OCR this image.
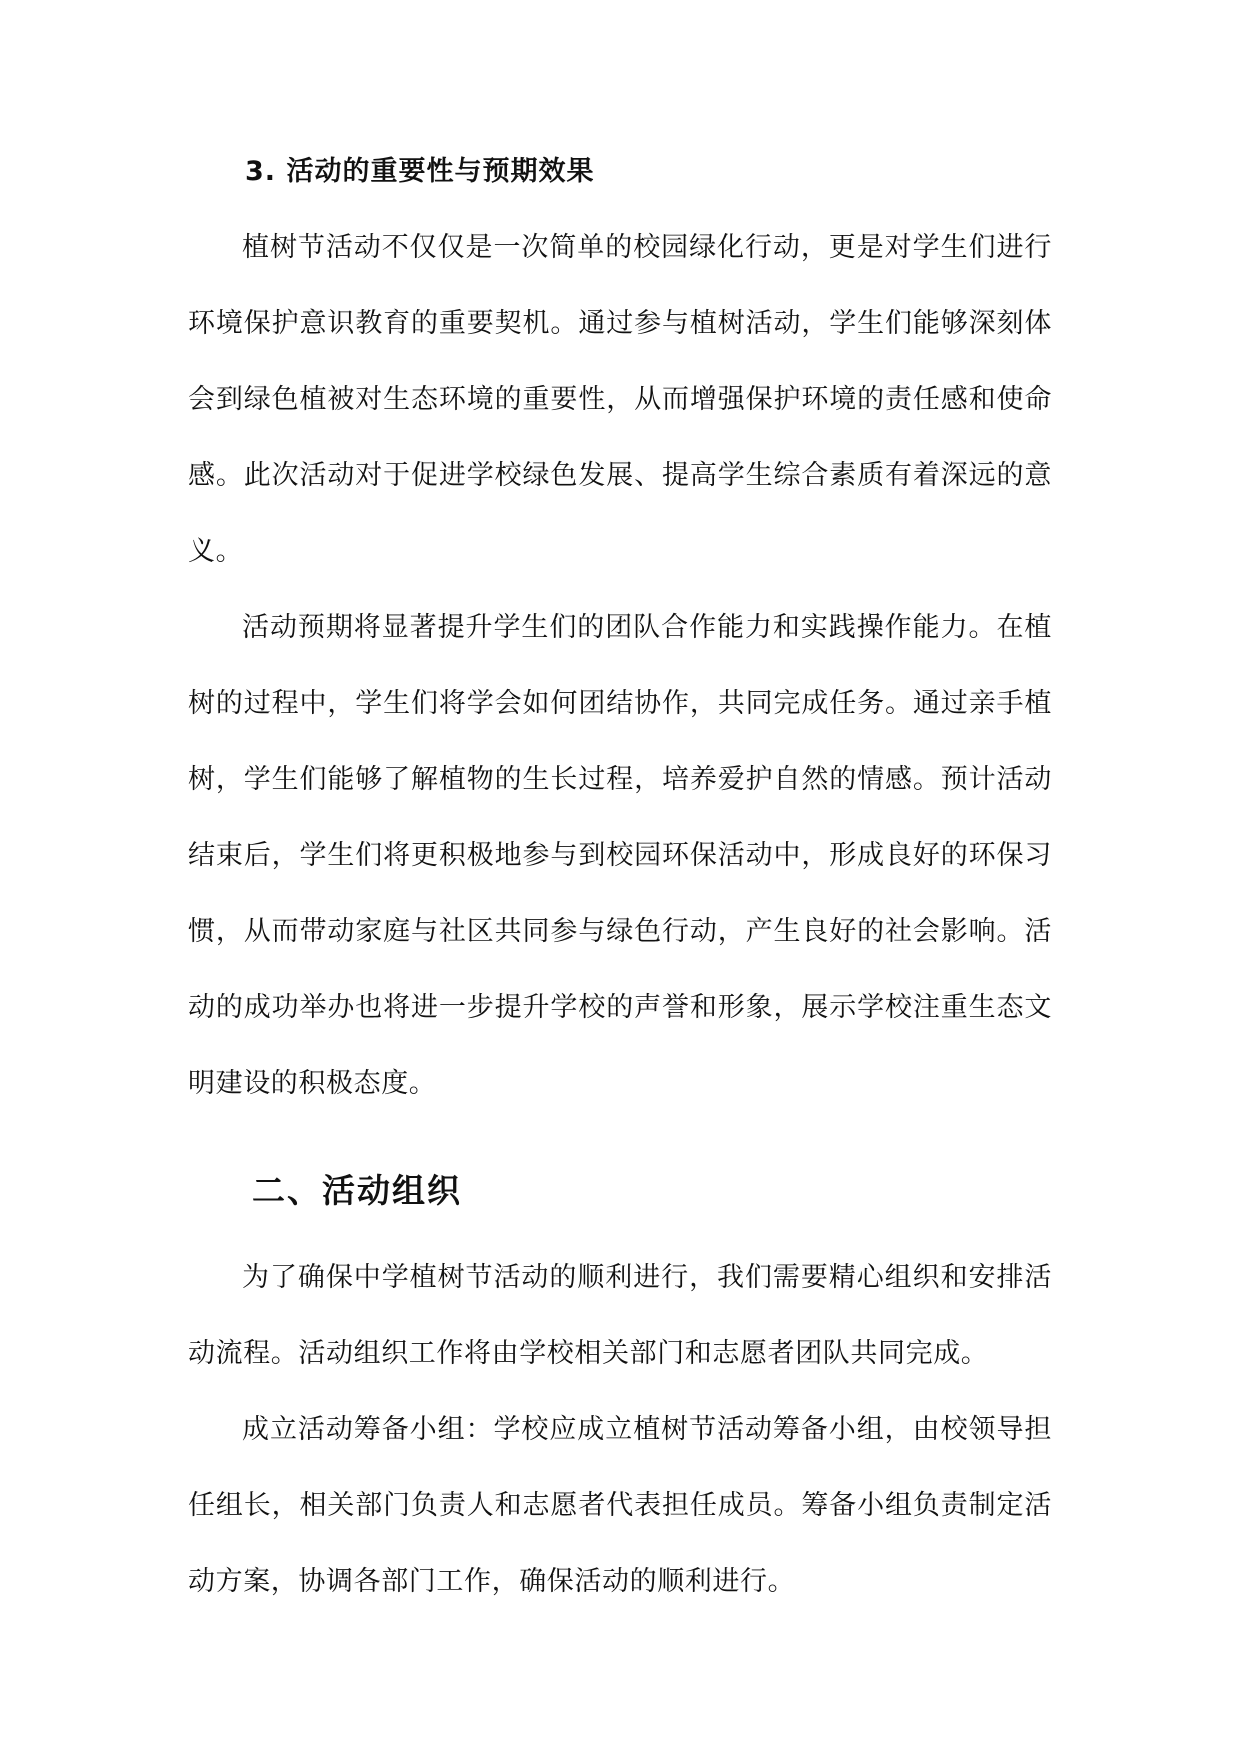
3. 活动的重要性与预期效果

植树节活动不仅仅是一次简单的校园绿化行动，更是对学生们进行环境保护意识教育的重要契机。通过参与植树活动，学生们能够深刻体会到绿色植被对生态环境的重要性，从而增强保护环境的责任感和使命感。此次活动对于促进学校绿色发展、提高学生综合素质有着深远的意义。

活动预期将显著提升学生们的团队合作能力和实践操作能力。在植树的过程中，学生们将学会如何团结协作，共同完成任务。通过亲手植树，学生们能够了解植物的生长过程，培养爱护自然的情感。预计活动结束后，学生们将更积极地参与到校园环保活动中，形成良好的环保习惯，从而带动家庭与社区共同参与绿色行动，产生良好的社会影响。活动的成功举办也将进一步提升学校的声誉和形象，展示学校注重生态文明建设的积极态度。

二、活动组织

为了确保中学植树节活动的顺利进行，我们需要精心组织和安排活动流程。活动组织工作将由学校相关部门和志愿者团队共同完成。

成立活动筹备小组：学校应成立植树节活动筹备小组，由校领导担任组长，相关部门负责人和志愿者代表担任成员。筹备小组负责制定活动方案，协调各部门工作，确保活动的顺利进行。
